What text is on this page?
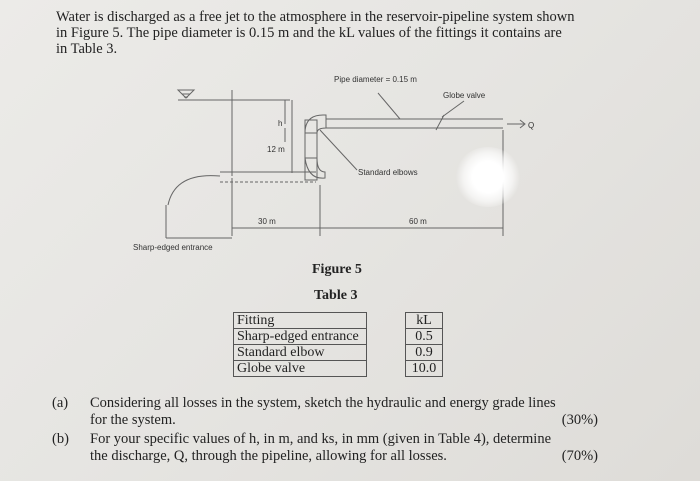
Water is discharged as a free jet to the atmosphere in the reservoir-pipeline system shown
in Figure 5. The pipe diameter is 0.15 m and the kL values of the fittings it contains are
in Table 3.
Pipe diameter = 0.15 m
Globe valve
Q
h
12 m
Standard elbows
30 m	60 m
Sharp-edged entrance
Figure 5
Table 3
Fitting		kL
Sharp-edged entrance		0.5
Standard elbow		0.9
Globe valve		10.0
(a) Considering all losses in the system, sketch the hydraulic and energy grade lines
for the system.	(30%)
(b) For your specific values of h, in m, and ks, in mm (given in Table 4), determine
the discharge, Q, through the pipeline, allowing for all losses.	(70%)
